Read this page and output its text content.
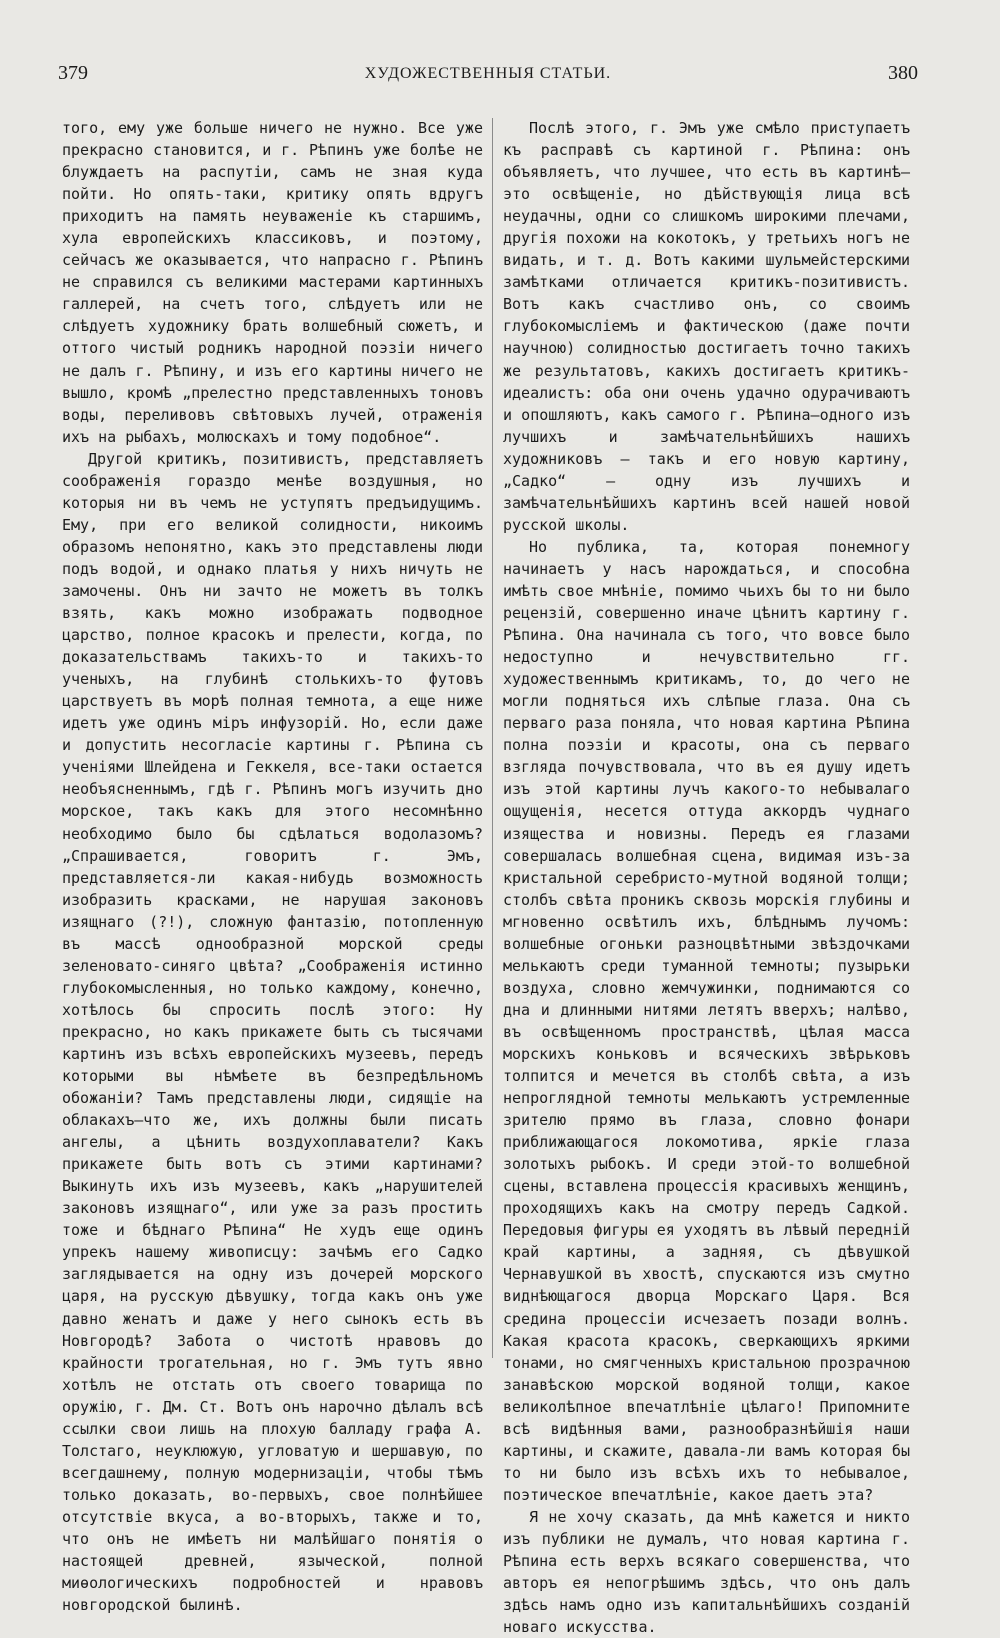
379	ХУДОЖЕСТВЕННЫЯ СТАТЬИ.	380

того, ему уже больше ничего не нужно. Все уже прекрасно становится, и г. Рѣпинъ уже болѣе не блуждаетъ на распутіи, самъ не зная куда пойти. Но опять-таки, критику опять вдругъ приходитъ на память неуваженіе къ старшимъ, хула европейскихъ классиковъ, и поэтому, сейчасъ же оказывается, что напрасно г. Рѣпинъ не справился съ великими мастерами картинныхъ галлерей, на счетъ того, слѣдуетъ или не слѣдуетъ художнику брать волшебный сюжетъ, и оттого чистый родникъ народной поэзіи ничего не далъ г. Рѣпину, и изъ его картины ничего не вышло, кромѣ „прелестно представленныхъ тоновъ воды, переливовъ свѣтовыхъ лучей, отраженія ихъ на рыбахъ, молюскахъ и тому подобное“.

Другой критикъ, позитивистъ, представляетъ соображенія гораздо менѣе воздушныя, но которыя ни въ чемъ не уступятъ предъидущимъ. Ему, при его великой солидности, никоимъ образомъ непонятно, какъ это представлены люди подъ водой, и однако платья у нихъ ничуть не замочены. Онъ ни зачто не можетъ въ толкъ взять, какъ можно изображать подводное царство, полное красокъ и прелести, когда, по доказательствамъ такихъ-то и такихъ-то ученыхъ, на глубинѣ столькихъ-то футовъ царствуетъ въ морѣ полная темнота, а еще ниже идетъ уже одинъ міръ инфузорій. Но, если даже и допустить несогласіе картины г. Рѣпина съ ученіями Шлейдена и Геккеля, все-таки остается необъясненнымъ, гдѣ г. Рѣпинъ могъ изучить дно морское, такъ какъ для этого несомнѣнно необходимо было бы сдѣлаться водолазомъ? „Спрашивается, говоритъ г. Эмъ, представляется-ли какая-нибудь возможность изобразить красками, не нарушая законовъ изящнаго (?!), сложную фантазію, потопленную въ массѣ однообразной морской среды зеленовато-синяго цвѣта? „Соображенія истинно глубокомысленныя, но только каждому, конечно, хотѣлось бы спросить послѣ этого: Ну прекрасно, но какъ прикажете быть съ тысячами картинъ изъ всѣхъ европейскихъ музеевъ, передъ которыми вы нѣмѣете въ безпредѣльномъ обожаніи? Тамъ представлены люди, сидящіе на облакахъ—что же, ихъ должны были писать ангелы, а цѣнить воздухоплаватели? Какъ прикажете быть вотъ съ этими картинами? Выкинуть ихъ изъ музеевъ, какъ „нарушителей законовъ изящнаго“, или уже за разъ простить тоже и бѣднаго Рѣпина“ Не худъ еще одинъ упрекъ нашему живописцу: зачѣмъ его Садко заглядывается на одну изъ дочерей морского царя, на русскую дѣвушку, тогда какъ онъ уже давно женатъ и даже у него сынокъ есть въ Новгородѣ? Забота о чистотѣ нравовъ до крайности трогательная, но г. Эмъ тутъ явно хотѣлъ не отстать отъ своего товарища по оружію, г. Дм. Ст. Вотъ онъ нарочно дѣлалъ всѣ ссылки свои лишь на плохую балладу графа А. Толстаго, неуклюжую, угловатую и шершавую, по всегдашнему, полную модернизаціи, чтобы тѣмъ только доказать, во-первыхъ, свое полнѣйшее отсутствіе вкуса, а во-вторыхъ, также и то, что онъ не имѣетъ ни малѣйшаго понятія о настоящей древней, языческой, полной миѳологическихъ подробностей и нравовъ новгородской былинѣ.

Послѣ этого, г. Эмъ уже смѣло приступаетъ къ расправѣ съ картиной г. Рѣпина: онъ объявляетъ, что лучшее, что есть въ картинѣ—это освѣщеніе, но дѣйствующія лица всѣ неудачны, одни со слишкомъ широкими плечами, другія похожи на кокотокъ, у третьихъ ногъ не видать, и т. д. Вотъ какими шульмейстерскими замѣтками отличается критикъ-позитивистъ. Вотъ какъ счастливо онъ, со своимъ глубокомысліемъ и фактическою (даже почти научною) солидностью достигаетъ точно такихъ же результатовъ, какихъ достигаетъ критикъ-идеалистъ: оба они очень удачно одурачиваютъ и опошляютъ, какъ самого г. Рѣпина—одного изъ лучшихъ и замѣчательнѣйшихъ нашихъ художниковъ — такъ и его новую картину, „Садко“ — одну изъ лучшихъ и замѣчательнѣйшихъ картинъ всей нашей новой русской школы.

Но публика, та, которая понемногу начинаетъ у насъ нарождаться, и способна имѣть свое мнѣніе, помимо чьихъ бы то ни было рецензій, совершенно иначе цѣнитъ картину г. Рѣпина. Она начинала съ того, что вовсе было недоступно и нечувствительно гг. художественнымъ критикамъ, то, до чего не могли подняться ихъ слѣпые глаза. Она съ перваго раза поняла, что новая картина Рѣпина полна поэзіи и красоты, она съ перваго взгляда почувствовала, что въ ея душу идетъ изъ этой картины лучъ какого-то небывалаго ощущенія, несется оттуда аккордъ чуднаго изящества и новизны. Передъ ея глазами совершалась волшебная сцена, видимая изъ-за кристальной серебристо-мутной водяной толщи; столбъ свѣта проникъ сквозь морскія глубины и мгновенно освѣтилъ ихъ, блѣднымъ лучомъ: волшебные огоньки разноцвѣтными звѣздочками мелькаютъ среди туманной темноты; пузырьки воздуха, словно жемчужинки, поднимаются со дна и длинными нитями летятъ вверхъ; налѣво, въ освѣщенномъ пространствѣ, цѣлая масса морскихъ коньковъ и всяческихъ звѣрьковъ толпится и мечется въ столбѣ свѣта, а изъ непроглядной темноты мелькаютъ устремленные зрителю прямо въ глаза, словно фонари приближающагося локомотива, яркіе глаза золотыхъ рыбокъ. И среди этой-то волшебной сцены, вставлена процессія красивыхъ женщинъ, проходящихъ какъ на смотру передъ Садкой. Передовыя фигуры ея уходятъ въ лѣвый передній край картины, а задняя, съ дѣвушкой Чернавушкой въ хвостѣ, спускаются изъ смутно виднѣющагося дворца Морскаго Царя. Вся средина процессіи исчезаетъ позади волнъ. Какая красота красокъ, сверкающихъ яркими тонами, но смягченныхъ кристальною прозрачною занавѣскою морской водяной толщи, какое великолѣпное впечатлѣніе цѣлаго! Припомните всѣ видѣнныя вами, разнообразнѣйшія наши картины, и скажите, давала-ли вамъ которая бы то ни было изъ всѣхъ ихъ то небывалое, поэтическое впечатлѣніе, какое даетъ эта?

Я не хочу сказать, да мнѣ кажется и никто изъ публики не думалъ, что новая картина г. Рѣпина есть верхъ всякаго совершенства, что авторъ ея непогрѣшимъ здѣсь, что онъ далъ здѣсь намъ одно изъ капитальнѣйшихъ созданій новаго искусства.
